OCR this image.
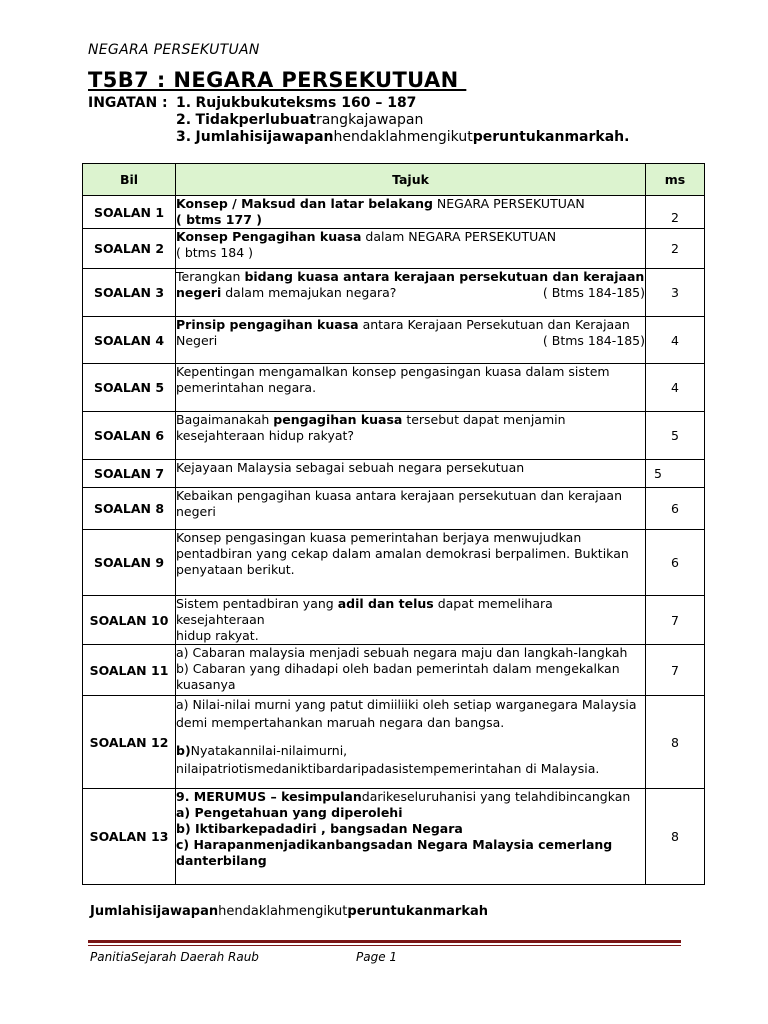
NEGARA PERSEKUTUAN
T5B7 : NEGARA PERSEKUTUAN
INGATAN : 1. Rujukbukuteksms 160 – 187
2. Tidakperlubuatrangkajawapan
3. Jumlahisijawapanhendaklahmengikutperuntukanmarkah.
Bil	Tajuk	ms
SOALAN 1	Konsep / Maksud dan latar belakang NEGARA PERSEKUTUAN
( btms 177 )	2
SOALAN 2	Konsep Pengagihan kuasa dalam NEGARA PERSEKUTUAN
( btms 184 )	2
SOALAN 3	Terangkan bidang kuasa antara kerajaan persekutuan dan kerajaan
negeri dalam memajukan negara? ( Btms 184-185)	3
SOALAN 4	Prinsip pengagihan kuasa antara Kerajaan Persekutuan dan Kerajaan
Negeri ( Btms 184-185)	4
SOALAN 5	Kepentingan mengamalkan konsep pengasingan kuasa dalam sistem
pemerintahan negara.	4
SOALAN 6	Bagaimanakah pengagihan kuasa tersebut dapat menjamin
kesejahteraan hidup rakyat?	5
SOALAN 7	Kejayaan Malaysia sebagai sebuah negara persekutuan	5
SOALAN 8	Kebaikan pengagihan kuasa antara kerajaan persekutuan dan kerajaan
negeri	6
SOALAN 9	Konsep pengasingan kuasa pemerintahan berjaya menwujudkan
pentadbiran yang cekap dalam amalan demokrasi berpalimen. Buktikan
penyataan berikut.	6
SOALAN 10	Sistem pentadbiran yang adil dan telus dapat memelihara kesejahteraan
hidup rakyat.	7
SOALAN 11	a) Cabaran malaysia menjadi sebuah negara maju dan langkah-langkah
b) Cabaran yang dihadapi oleh badan pemerintah dalam mengekalkan
kuasanya	7
SOALAN 12	a) Nilai-nilai murni yang patut dimiiliiki oleh setiap warganegara Malaysia
demi mempertahankan maruah negara dan bangsa.
b)Nyatakannilai-nilaimurni,
nilaipatriotismedaniktibardaripadasistempemerintahan di Malaysia.	8
SOALAN 13	9. MERUMUS – kesimpulandarikeseluruhanisi yang telahdibincangkan
a) Pengetahuan yang diperolehi
b) Iktibarkepadadiri , bangsadan Negara
c) Harapanmenjadikanbangsadan Negara Malaysia cemerlang
danterbilang	8
Jumlahisijawapanhendaklahmengikutperuntukanmarkah
PanitiaSejarah Daerah Raub	Page 1
